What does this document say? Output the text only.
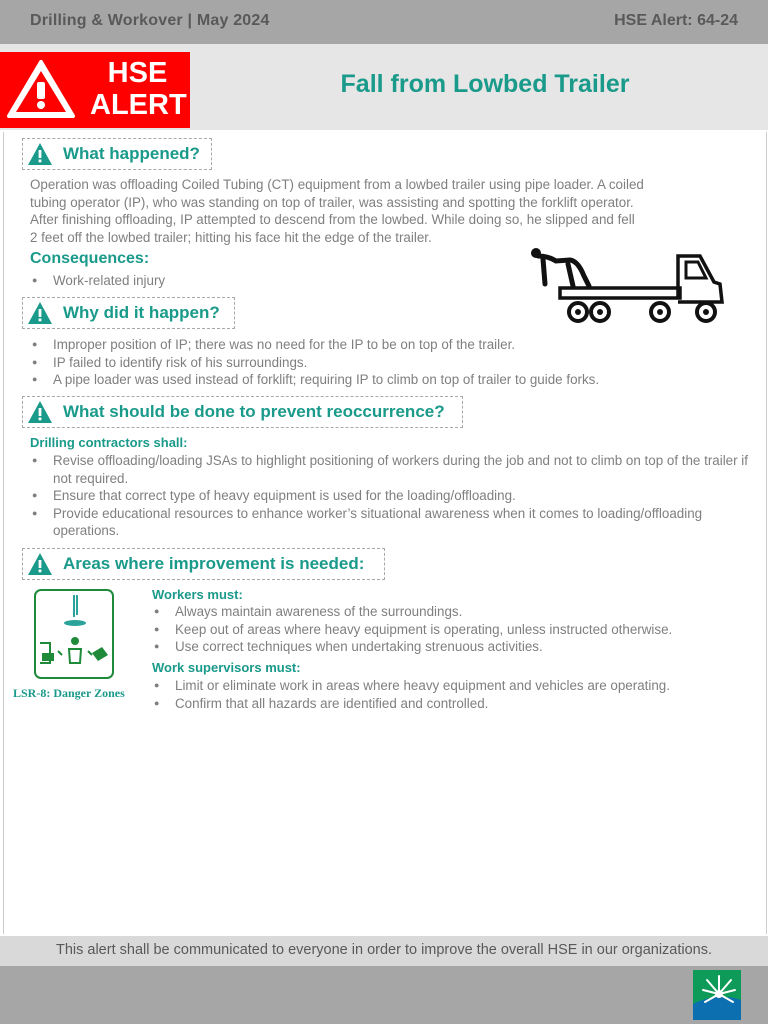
Drilling & Workover | May 2024	HSE Alert: 64-24
HSE
ALERT
Fall from Lowbed Trailer
What happened?
Operation was offloading Coiled Tubing (CT) equipment from a lowbed trailer using pipe loader. A coiled
tubing operator (IP), who was standing on top of trailer, was assisting and spotting the forklift operator.
After finishing offloading, IP attempted to descend from the lowbed. While doing so, he slipped and fell
2 feet off the lowbed trailer; hitting his face hit the edge of the trailer.
Consequences:
● Work-related injury
Why did it happen?
● Improper position of IP; there was no need for the IP to be on top of the trailer.
● IP failed to identify risk of his surroundings.
● A pipe loader was used instead of forklift; requiring IP to climb on top of trailer to guide forks.
What should be done to prevent reoccurrence?
Drilling contractors shall:
● Revise offloading/loading JSAs to highlight positioning of workers during the job and not to climb on top of the trailer if not required.
● Ensure that correct type of heavy equipment is used for the loading/offloading.
● Provide educational resources to enhance worker’s situational awareness when it comes to loading/offloading operations.
Areas where improvement is needed:
LSR-8: Danger Zones
Workers must:
● Always maintain awareness of the surroundings.
● Keep out of areas where heavy equipment is operating, unless instructed otherwise.
● Use correct techniques when undertaking strenuous activities.
Work supervisors must:
● Limit or eliminate work in areas where heavy equipment and vehicles are operating.
● Confirm that all hazards are identified and controlled.
This alert shall be communicated to everyone in order to improve the overall HSE in our organizations.
